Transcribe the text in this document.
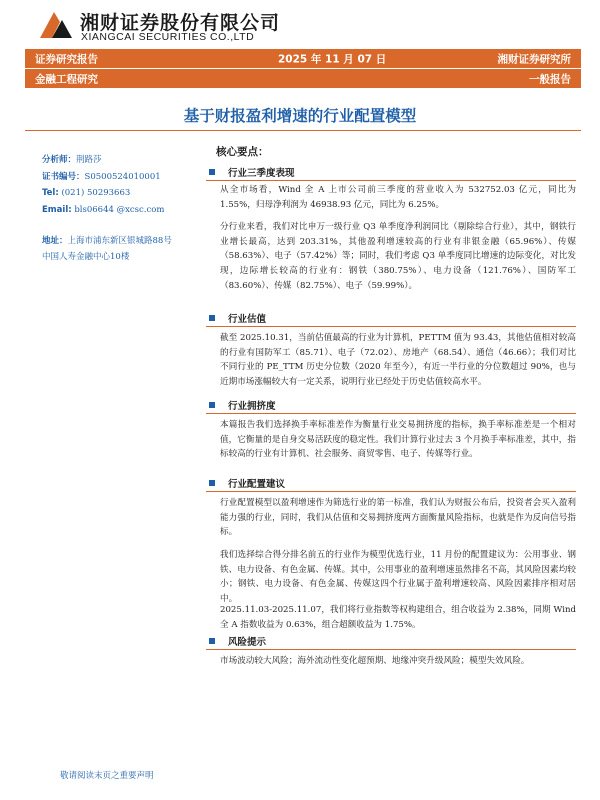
湘财证券股份有限公司
XIANGCAI SECURITIES CO.,LTD
证券研究报告	2025 年 11 月 07 日	湘财证券研究所
金融工程研究	一般报告
基于财报盈利增速的行业配置模型
分析师：荆路莎
证书编号：S0500524010001
Tel: (021) 50293663
Email: bls06644 @xcsc.com
地址：上海市浦东新区银城路88号
中国人寿金融中心10楼
核心要点：
行业三季度表现
从全市场看，Wind 全 A 上市公司前三季度的营业收入为 532752.03 亿元，同比为 1.55%，归母净利润为 46938.93 亿元，同比为 6.25%。
分行业来看，我们对比申万一级行业 Q3 单季度净利润同比（剔除综合行业），其中，钢铁行业增长最高，达到 203.31%，其他盈利增速较高的行业有非银金融（65.96%）、传媒（58.63%）、电子（57.42%）等；同时，我们考虑 Q3 单季度同比增速的边际变化，对比发现，边际增长较高的行业有：钢铁（380.75%）、电力设备（121.76%）、国防军工（83.60%）、传媒（82.75%）、电子（59.99%）。
行业估值
截至 2025.10.31，当前估值最高的行业为计算机，PETTM 值为 93.43，其他估值相对较高的行业有国防军工（85.71）、电子（72.02）、房地产（68.54）、通信（46.66）；我们对比不同行业的 PE_TTM 历史分位数（2020 年至今），有近一半行业的分位数超过 90%，也与近期市场涨幅较大有一定关系，说明行业已经处于历史估值较高水平。
行业拥挤度
本篇报告我们选择换手率标准差作为衡量行业交易拥挤度的指标，换手率标准差是一个相对值，它衡量的是自身交易活跃度的稳定性。我们计算行业过去 3 个月换手率标准差，其中，指标较高的行业有计算机、社会服务、商贸零售、电子、传媒等行业。
行业配置建议
行业配置模型以盈利增速作为筛选行业的第一标准，我们认为财报公布后，投资者会买入盈利能力强的行业，同时，我们从估值和交易拥挤度两方面衡量风险指标，也就是作为反向信号指标。
我们选择综合得分排名前五的行业作为模型优选行业，11 月份的配置建议为：公用事业、钢铁、电力设备、有色金属、传媒。其中，公用事业的盈利增速虽然排名不高，其风险因素均较小；钢铁、电力设备、有色金属、传媒这四个行业属于盈利增速较高、风险因素排序相对居中。
2025.11.03-2025.11.07，我们将行业指数等权构建组合，组合收益为 2.38%，同期 Wind 全 A 指数收益为 0.63%，组合超额收益为 1.75%。
风险提示
市场波动较大风险；海外流动性变化超预期、地缘冲突升级风险；模型失效风险。
敬请阅读末页之重要声明
